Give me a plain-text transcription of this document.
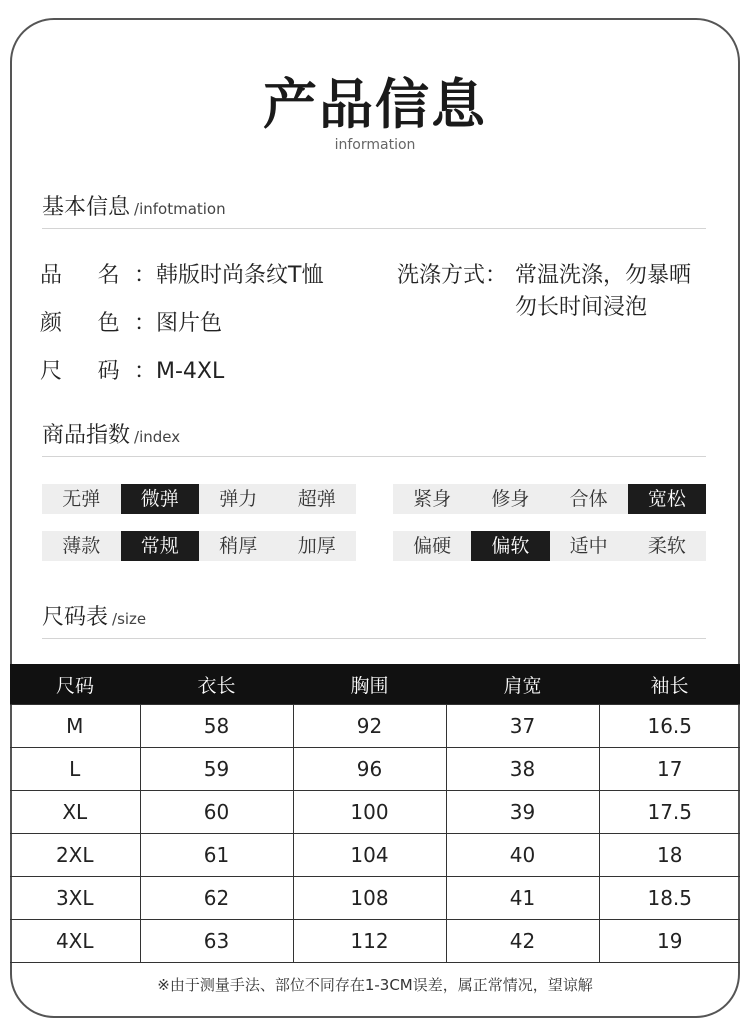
产品信息
information
基本信息 /infotmation
品 名：韩版时尚条纹T恤
颜 色：图片色
尺 码：M-4XL
洗涤方式： 常温洗涤，勿暴晒
勿长时间浸泡
商品指数 /index
无弹	微弹	弹力	超弹	紧身	修身	合体	宽松
薄款	常规	稍厚	加厚	偏硬	偏软	适中	柔软
尺码表 /size
尺码	衣长	胸围	肩宽	袖长
M	58	92	37	16.5
L	59	96	38	17
XL	60	100	39	17.5
2XL	61	104	40	18
3XL	62	108	41	18.5
4XL	63	112	42	19
※由于测量手法、部位不同存在1-3CM误差，属正常情况，望谅解
